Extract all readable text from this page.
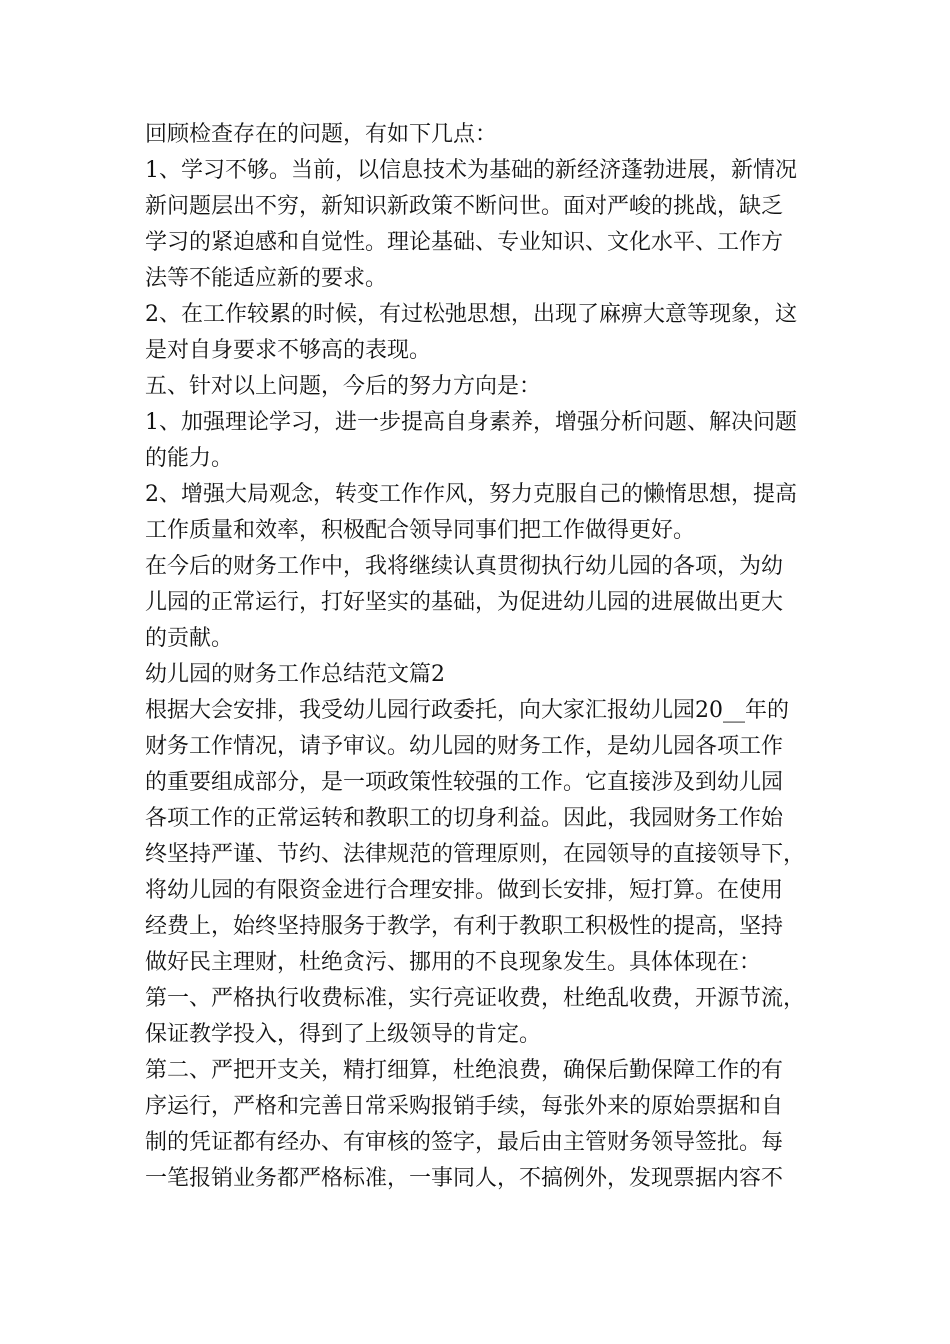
回顾检查存在的问题，有如下几点：
1、学习不够。当前，以信息技术为基础的新经济蓬勃进展，新情况
新问题层出不穷，新知识新政策不断问世。面对严峻的挑战，缺乏
学习的紧迫感和自觉性。理论基础、专业知识、文化水平、工作方
法等不能适应新的要求。
2、在工作较累的时候，有过松弛思想，出现了麻痹大意等现象，这
是对自身要求不够高的表现。
五、针对以上问题，今后的努力方向是：
1、加强理论学习，进一步提高自身素养，增强分析问题、解决问题
的能力。
2、增强大局观念，转变工作作风，努力克服自己的懒惰思想，提高
工作质量和效率，积极配合领导同事们把工作做得更好。
在今后的财务工作中，我将继续认真贯彻执行幼儿园的各项，为幼
儿园的正常运行，打好坚实的基础，为促进幼儿园的进展做出更大
的贡献。
幼儿园的财务工作总结范文篇2
根据大会安排，我受幼儿园行政委托，向大家汇报幼儿园20__年的
财务工作情况，请予审议。幼儿园的财务工作，是幼儿园各项工作
的重要组成部分，是一项政策性较强的工作。它直接涉及到幼儿园
各项工作的正常运转和教职工的切身利益。因此，我园财务工作始
终坚持严谨、节约、法律规范的管理原则，在园领导的直接领导下，
将幼儿园的有限资金进行合理安排。做到长安排，短打算。在使用
经费上，始终坚持服务于教学，有利于教职工积极性的提高，坚持
做好民主理财，杜绝贪污、挪用的不良现象发生。具体体现在：
第一、严格执行收费标准，实行亮证收费，杜绝乱收费，开源节流，
保证教学投入，得到了上级领导的肯定。
第二、严把开支关，精打细算，杜绝浪费，确保后勤保障工作的有
序运行，严格和完善日常采购报销手续，每张外来的原始票据和自
制的凭证都有经办、有审核的签字，最后由主管财务领导签批。每
一笔报销业务都严格标准，一事同人，不搞例外，发现票据内容不
